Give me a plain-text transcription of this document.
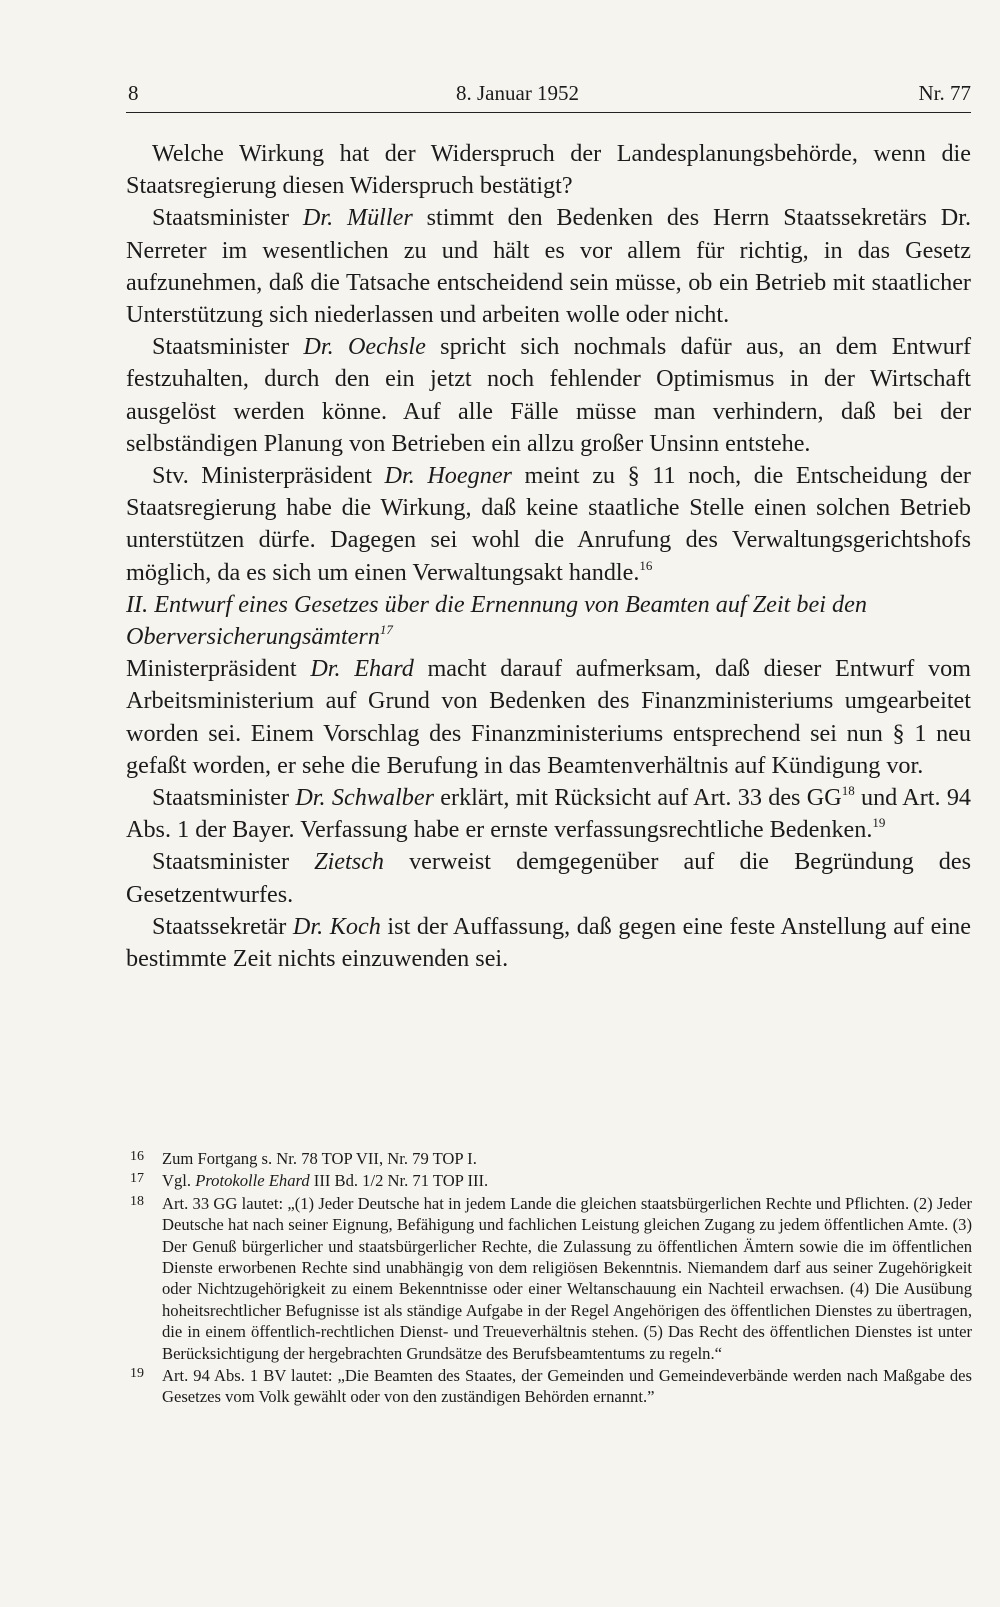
8	8. Januar 1952	Nr. 77

Welche Wirkung hat der Widerspruch der Landesplanungsbehörde, wenn die Staatsregierung diesen Widerspruch bestätigt?

Staatsminister Dr. Müller stimmt den Bedenken des Herrn Staatssekretärs Dr. Nerreter im wesentlichen zu und hält es vor allem für richtig, in das Gesetz aufzunehmen, daß die Tatsache entscheidend sein müsse, ob ein Betrieb mit staatlicher Unterstützung sich niederlassen und arbeiten wolle oder nicht.

Staatsminister Dr. Oechsle spricht sich nochmals dafür aus, an dem Entwurf festzuhalten, durch den ein jetzt noch fehlender Optimismus in der Wirtschaft ausgelöst werden könne. Auf alle Fälle müsse man verhindern, daß bei der selbständigen Planung von Betrieben ein allzu großer Unsinn entstehe.

Stv. Ministerpräsident Dr. Hoegner meint zu § 11 noch, die Entscheidung der Staatsregierung habe die Wirkung, daß keine staatliche Stelle einen solchen Betrieb unterstützen dürfe. Dagegen sei wohl die Anrufung des Verwaltungsgerichtshofs möglich, da es sich um einen Verwaltungsakt handle.$^{16}$

II. Entwurf eines Gesetzes über die Ernennung von Beamten auf Zeit bei den Oberversicherungsämtern$^{17}$

Ministerpräsident Dr. Ehard macht darauf aufmerksam, daß dieser Entwurf vom Arbeitsministerium auf Grund von Bedenken des Finanzministeriums umgearbeitet worden sei. Einem Vorschlag des Finanzministeriums entsprechend sei nun § 1 neu gefaßt worden, er sehe die Berufung in das Beamtenverhältnis auf Kündigung vor.

Staatsminister Dr. Schwalber erklärt, mit Rücksicht auf Art. 33 des GG$^{18}$ und Art. 94 Abs. 1 der Bayer. Verfassung habe er ernste verfassungsrechtliche Bedenken.$^{19}$

Staatsminister Zietsch verweist demgegenüber auf die Begründung des Gesetzentwurfes.

Staatssekretär Dr. Koch ist der Auffassung, daß gegen eine feste Anstellung auf eine bestimmte Zeit nichts einzuwenden sei.

16 Zum Fortgang s. Nr. 78 TOP VII, Nr. 79 TOP I.
17 Vgl. Protokolle Ehard III Bd. 1/2 Nr. 71 TOP III.
18 Art. 33 GG lautet: „(1) Jeder Deutsche hat in jedem Lande die gleichen staatsbürgerlichen Rechte und Pflichten. (2) Jeder Deutsche hat nach seiner Eignung, Befähigung und fachlichen Leistung gleichen Zugang zu jedem öffentlichen Amte. (3) Der Genuß bürgerlicher und staatsbürgerlicher Rechte, die Zulassung zu öffentlichen Ämtern sowie die im öffentlichen Dienste erworbenen Rechte sind unabhängig von dem religiösen Bekenntnis. Niemandem darf aus seiner Zugehörigkeit oder Nichtzugehörigkeit zu einem Bekenntnisse oder einer Weltanschauung ein Nachteil erwachsen. (4) Die Ausübung hoheitsrechtlicher Befugnisse ist als ständige Aufgabe in der Regel Angehörigen des öffentlichen Dienstes zu übertragen, die in einem öffentlich-rechtlichen Dienst- und Treueverhältnis stehen. (5) Das Recht des öffentlichen Dienstes ist unter Berücksichtigung der hergebrachten Grundsätze des Berufsbeamtentums zu regeln.“
19 Art. 94 Abs. 1 BV lautet: „Die Beamten des Staates, der Gemeinden und Gemeindeverbände werden nach Maßgabe des Gesetzes vom Volk gewählt oder von den zuständigen Behörden ernannt.”
